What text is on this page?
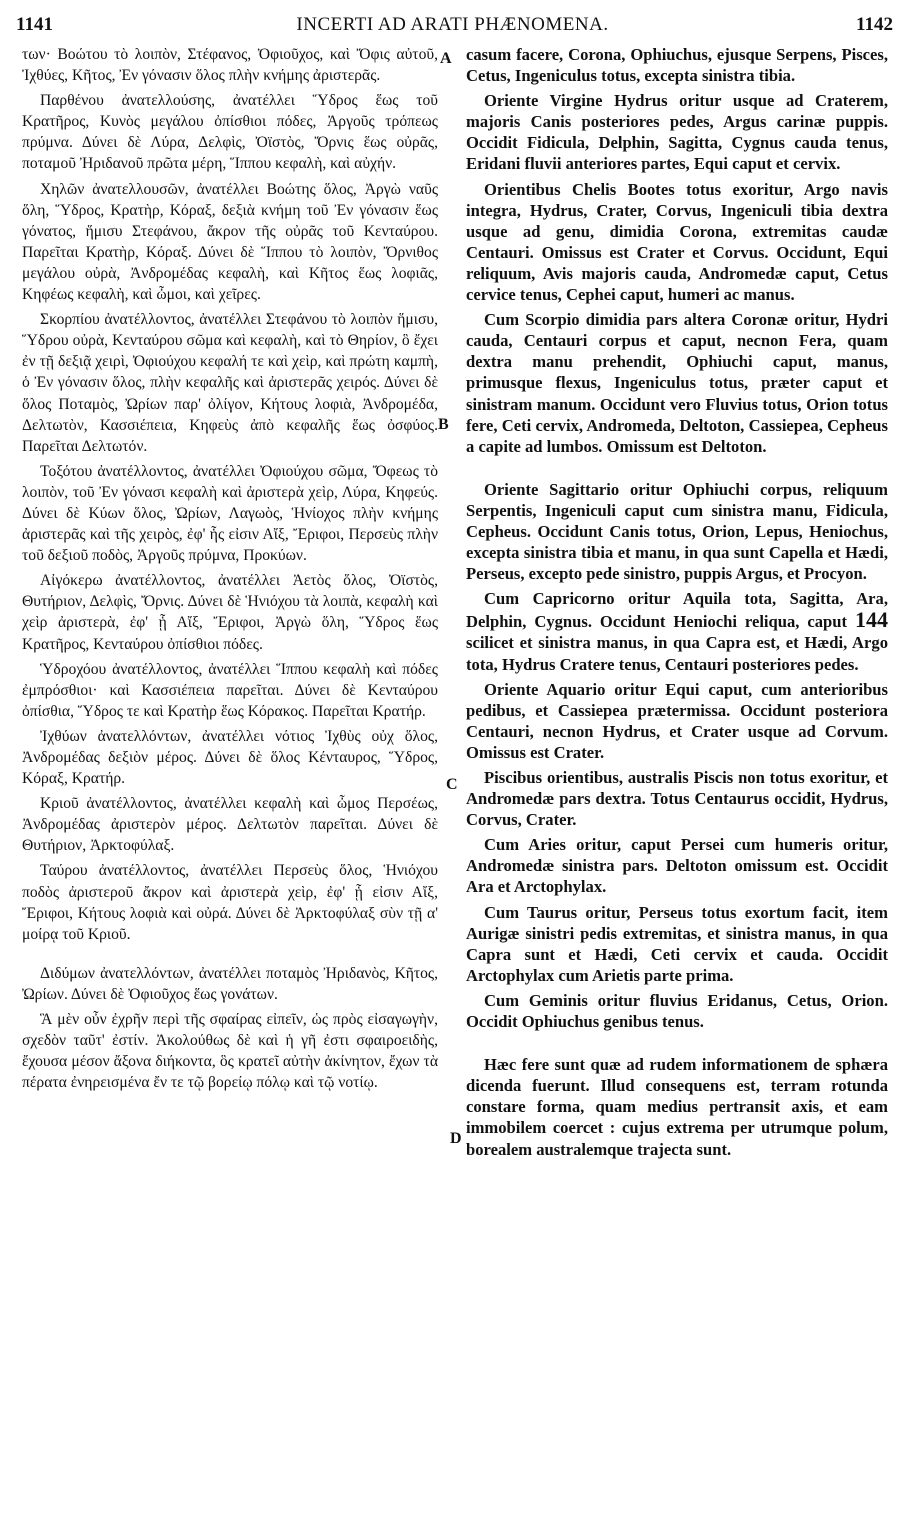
1141	INCERTI AD ARATI PHÆNOMENA.	1142
A
B
C
D

των· Βοώτου τὸ λοιπὸν, Στέφανος, Ὀφιοῦχος, καὶ Ὄφις αὐτοῦ, Ἰχθύες, Κῆτος, Ἐν γόνασιν ὅλος πλὴν κνήμης ἀριστερᾶς.

Παρθένου ἀνατελλούσης, ἀνατέλλει Ὕδρος ἕως τοῦ Κρατῆρος, Κυνὸς μεγάλου ὀπίσθιοι πόδες, Ἀργοῦς τρόπεως πρύμνα. Δύνει δὲ Λύρα, Δελφὶς, Ὀϊστὸς, Ὄρνις ἕως οὐρᾶς, ποταμοῦ Ἠριδανοῦ πρῶτα μέρη, Ἵππου κεφαλὴ, καὶ αὐχήν.

Χηλῶν ἀνατελλουσῶν, ἀνατέλλει Βοώτης ὅλος, Ἀργὼ ναῦς ὅλη, Ὕδρος, Κρατὴρ, Κόραξ, δεξιὰ κνήμη τοῦ Ἐν γόνασιν ἕως γόνατος, ἥμισυ Στεφάνου, ἄκρον τῆς οὐρᾶς τοῦ Κενταύρου. Παρεῖται Κρατὴρ, Κόραξ. Δύνει δὲ Ἵππου τὸ λοιπὸν, Ὄρνιθος μεγάλου οὐρὰ, Ἀνδρομέδας κεφαλὴ, καὶ Κῆτος ἕως λοφιᾶς, Κηφέως κεφαλὴ, καὶ ὦμοι, καὶ χεῖρες.

Σκορπίου ἀνατέλλοντος, ἀνατέλλει Στεφάνου τὸ λοιπὸν ἥμισυ, Ὕδρου οὐρὰ, Κενταύρου σῶμα καὶ κεφαλὴ, καὶ τὸ Θηρίον, ὃ ἔχει ἐν τῇ δεξιᾷ χειρὶ, Ὀφιούχου κεφαλή τε καὶ χεὶρ, καὶ πρώτη καμπὴ, ὁ Ἐν γόνασιν ὅλος, πλὴν κεφαλῆς καὶ ἀριστερᾶς χειρός. Δύνει δὲ ὅλος Ποταμὸς, Ὠρίων παρ' ὀλίγον, Κήτους λοφιὰ, Ἀνδρομέδα, Δελτωτὸν, Κασσιέπεια, Κηφεὺς ἀπὸ κεφαλῆς ἕως ὀσφύος. Παρεῖται Δελτωτόν.

Τοξότου ἀνατέλλοντος, ἀνατέλλει Ὀφιούχου σῶμα, Ὄφεως τὸ λοιπὸν, τοῦ Ἐν γόνασι κεφαλὴ καὶ ἀριστερὰ χεὶρ, Λύρα, Κηφεύς. Δύνει δὲ Κύων ὅλος, Ὠρίων, Λαγωὸς, Ἡνίοχος πλὴν κνήμης ἀριστερᾶς καὶ τῆς χειρὸς, ἐφ' ἧς εἰσιν Αἴξ, Ἔριφοι, Περσεὺς πλὴν τοῦ δεξιοῦ ποδὸς, Ἀργοῦς πρύμνα, Προκύων.

Αἰγόκερω ἀνατέλλοντος, ἀνατέλλει Ἀετὸς ὅλος, Ὀϊστὸς, Θυτήριον, Δελφὶς, Ὄρνις. Δύνει δὲ Ἡνιόχου τὰ λοιπὰ, κεφαλὴ καὶ χεὶρ ἀριστερὰ, ἐφ' ᾗ Αἴξ, Ἔριφοι, Ἀργὼ ὅλη, Ὕδρος ἕως Κρατῆρος, Κενταύρου ὀπίσθιοι πόδες.

Ὑδροχόου ἀνατέλλοντος, ἀνατέλλει Ἵππου κεφαλὴ καὶ πόδες ἐμπρόσθιοι· καὶ Κασσιέπεια παρεῖται. Δύνει δὲ Κενταύρου ὀπίσθια, Ὕδρος τε καὶ Κρατὴρ ἕως Κόρακος. Παρεῖται Κρατήρ.

Ἰχθύων ἀνατελλόντων, ἀνατέλλει νότιος Ἰχθὺς οὐχ ὅλος, Ἀνδρομέδας δεξιὸν μέρος. Δύνει δὲ ὅλος Κένταυρος, Ὕδρος, Κόραξ, Κρατήρ.

Κριοῦ ἀνατέλλοντος, ἀνατέλλει κεφαλὴ καὶ ὦμος Περσέως, Ἀνδρομέδας ἀριστερὸν μέρος. Δελτωτὸν παρεῖται. Δύνει δὲ Θυτήριον, Ἀρκτοφύλαξ.

Ταύρου ἀνατέλλοντος, ἀνατέλλει Περσεὺς ὅλος, Ἡνιόχου ποδὸς ἀριστεροῦ ἄκρον καὶ ἀριστερὰ χεὶρ, ἐφ' ᾗ εἰσιν Αἴξ, Ἔριφοι, Κήτους λοφιὰ καὶ οὐρά. Δύνει δὲ Ἀρκτοφύλαξ σὺν τῇ α' μοίρᾳ τοῦ Κριοῦ.

Διδύμων ἀνατελλόντων, ἀνατέλλει ποταμὸς Ἠριδανὸς, Κῆτος, Ὠρίων. Δύνει δὲ Ὀφιοῦχος ἕως γονάτων.

Ἃ μὲν οὖν ἐχρῆν περὶ τῆς σφαίρας εἰπεῖν, ὡς πρὸς εἰσαγωγὴν, σχεδὸν ταῦτ' ἐστίν. Ἀκολούθως δὲ καὶ ἡ γῆ ἐστι σφαιροειδὴς, ἔχουσα μέσον ἄξονα διήκοντα, ὃς κρατεῖ αὐτὴν ἀκίνητον, ἔχων τὰ πέρατα ἐνηρεισμένα ἔν τε τῷ βορείῳ πόλῳ καὶ τῷ νοτίῳ.

casum facere, Corona, Ophiuchus, ejusque Serpens, Pisces, Cetus, Ingeniculus totus, excepta sinistra tibia.

Oriente Virgine Hydrus oritur usque ad Craterem, majoris Canis posteriores pedes, Argus carinæ puppis. Occidit Fidicula, Delphin, Sagitta, Cygnus cauda tenus, Eridani fluvii anteriores partes, Equi caput et cervix.

Orientibus Chelis Bootes totus exoritur, Argo navis integra, Hydrus, Crater, Corvus, Ingeniculi tibia dextra usque ad genu, dimidia Corona, extremitas caudæ Centauri. Omissus est Crater et Corvus. Occidunt, Equi reliquum, Avis majoris cauda, Andromedæ caput, Cetus cervice tenus, Cephei caput, humeri ac manus.

Cum Scorpio dimidia pars altera Coronæ oritur, Hydri cauda, Centauri corpus et caput, necnon Fera, quam dextra manu prehendit, Ophiuchi caput, manus, primusque flexus, Ingeniculus totus, præter caput et sinistram manum. Occidunt vero Fluvius totus, Orion totus fere, Ceti cervix, Andromeda, Deltoton, Cassiepea, Cepheus a capite ad lumbos. Omissum est Deltoton.

Oriente Sagittario oritur Ophiuchi corpus, reliquum Serpentis, Ingeniculi caput cum sinistra manu, Fidicula, Cepheus. Occidunt Canis totus, Orion, Lepus, Heniochus, excepta sinistra tibia et manu, in qua sunt Capella et Hædi, Perseus, excepto pede sinistro, puppis Argus, et Procyon.

Cum Capricorno oritur Aquila tota, Sagitta, Ara, Delphin, Cygnus. Occidunt Heniochi reliqua, caput 144 scilicet et sinistra manus, in qua Capra est, et Hædi, Argo tota, Hydrus Cratere tenus, Centauri posteriores pedes.

Oriente Aquario oritur Equi caput, cum anterioribus pedibus, et Cassiepea prætermissa. Occidunt posteriora Centauri, necnon Hydrus, et Crater usque ad Corvum. Omissus est Crater.

Piscibus orientibus, australis Piscis non totus exoritur, et Andromedæ pars dextra. Totus Centaurus occidit, Hydrus, Corvus, Crater.

Cum Aries oritur, caput Persei cum humeris oritur, Andromedæ sinistra pars. Deltoton omissum est. Occidit Ara et Arctophylax.

Cum Taurus oritur, Perseus totus exortum facit, item Aurigæ sinistri pedis extremitas, et sinistra manus, in qua Capra sunt et Hædi, Ceti cervix et cauda. Occidit Arctophylax cum Arietis parte prima.

Cum Geminis oritur fluvius Eridanus, Cetus, Orion. Occidit Ophiuchus genibus tenus.

Hæc fere sunt quæ ad rudem informationem de sphæra dicenda fuerunt. Illud consequens est, terram rotunda constare forma, quam medius pertransit axis, et eam immobilem coercet : cujus extrema per utrumque polum, borealem australemque trajecta sunt.
